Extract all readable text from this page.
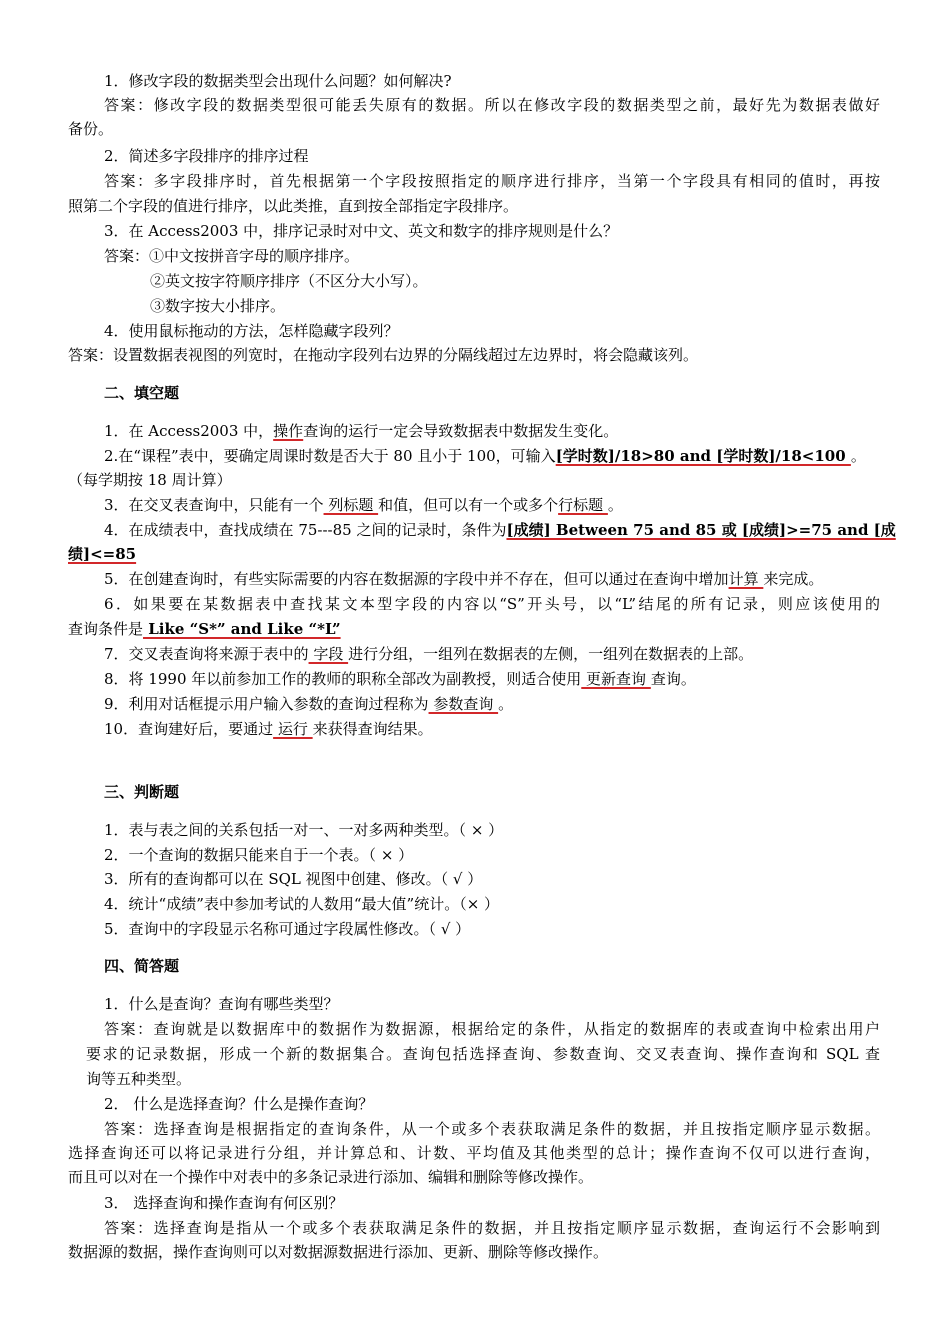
1．修改字段的数据类型会出现什么问题？如何解决?
答案：修改字段的数据类型很可能丢失原有的数据。所以在修改字段的数据类型之前，最好先为数据表做好
备份。
2．简述多字段排序的排序过程
答案：多字段排序时，首先根据第一个字段按照指定的顺序进行排序，当第一个字段具有相同的值时，再按
照第二个字段的值进行排序，以此类推，直到按全部指定字段排序。
3．在 Access2003 中，排序记录时对中文、英文和数字的排序规则是什么？
答案：①中文按拼音字母的顺序排序。
②英文按字符顺序排序（不区分大小写）。
③数字按大小排序。
4．使用鼠标拖动的方法，怎样隐藏字段列？
答案：设置数据表视图的列宽时，在拖动字段列右边界的分隔线超过左边界时，将会隐藏该列。
二、填空题
1．在 Access2003 中，操作查询的运行一定会导致数据表中数据发生变化。
2.在“课程”表中，要确定周课时数是否大于 80 且小于 100，可输入[学时数]/18>80 and [学时数]/18<100 。
（每学期按 18 周计算）
3．在交叉表查询中，只能有一个 列标题 和值，但可以有一个或多个行标题 。
4．在成绩表中，查找成绩在 75---85 之间的记录时，条件为[成绩] Between 75 and 85 或 [成绩]>=75 and [成
绩]<=85
5．在创建查询时，有些实际需要的内容在数据源的字段中并不存在，但可以通过在查询中增加计算 来完成。
6．如果要在某数据表中查找某文本型字段的内容以“S”开头号，以“L”结尾的所有记录，则应该使用的
查询条件是 Like “S*” and Like “*L”
7．交叉表查询将来源于表中的 字段 进行分组，一组列在数据表的左侧，一组列在数据表的上部。
8．将 1990 年以前参加工作的教师的职称全部改为副教授，则适合使用 更新查询 查询。
9．利用对话框提示用户输入参数的查询过程称为 参数查询 。
10．查询建好后，要通过 运行 来获得查询结果。
三、判断题
1．表与表之间的关系包括一对一、一对多两种类型。（ × ）
2．一个查询的数据只能来自于一个表。（ × ）
3．所有的查询都可以在 SQL 视图中创建、修改。（ √ ）
4．统计“成绩”表中参加考试的人数用“最大值”统计。（× ）
5．查询中的字段显示名称可通过字段属性修改。（ √ ）
四、简答题
1．什么是查询？查询有哪些类型？
答案：查询就是以数据库中的数据作为数据源，根据给定的条件，从指定的数据库的表或查询中检索出用户
要求的记录数据，形成一个新的数据集合。查询包括选择查询、参数查询、交叉表查询、操作查询和 SQL 查
询等五种类型。
2． 什么是选择查询？什么是操作查询？
答案：选择查询是根据指定的查询条件，从一个或多个表获取满足条件的数据，并且按指定顺序显示数据。
选择查询还可以将记录进行分组，并计算总和、计数、平均值及其他类型的总计；操作查询不仅可以进行查询，
而且可以对在一个操作中对表中的多条记录进行添加、编辑和删除等修改操作。
3． 选择查询和操作查询有何区别？
答案：选择查询是指从一个或多个表获取满足条件的数据，并且按指定顺序显示数据，查询运行不会影响到
数据源的数据，操作查询则可以对数据源数据进行添加、更新、删除等修改操作。
